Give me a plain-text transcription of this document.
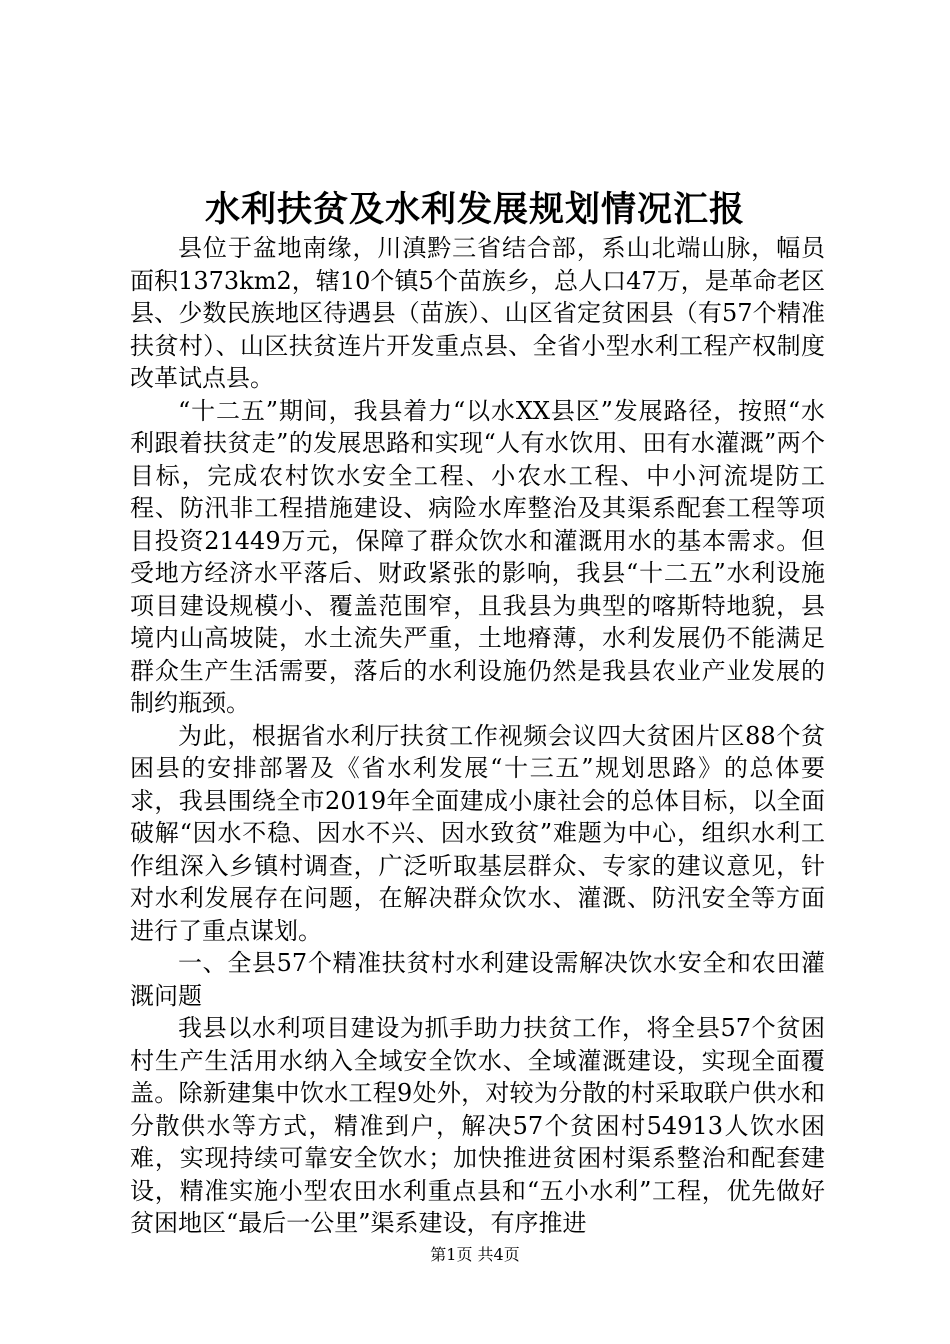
水利扶贫及水利发展规划情况汇报

县位于盆地南缘，川滇黔三省结合部，系山北端山脉，幅员面积1373km2，辖10个镇5个苗族乡，总人口47万，是革命老区县、少数民族地区待遇县（苗族）、山区省定贫困县（有57个精准扶贫村）、山区扶贫连片开发重点县、全省小型水利工程产权制度改革试点县。

“十二五”期间，我县着力“以水XX县区”发展路径，按照“水利跟着扶贫走”的发展思路和实现“人有水饮用、田有水灌溉”两个目标，完成农村饮水安全工程、小农水工程、中小河流堤防工程、防汛非工程措施建设、病险水库整治及其渠系配套工程等项目投资21449万元，保障了群众饮水和灌溉用水的基本需求。但受地方经济水平落后、财政紧张的影响，我县“十二五”水利设施项目建设规模小、覆盖范围窄，且我县为典型的喀斯特地貌，县境内山高坡陡，水土流失严重，土地瘠薄，水利发展仍不能满足群众生产生活需要，落后的水利设施仍然是我县农业产业发展的制约瓶颈。

为此，根据省水利厅扶贫工作视频会议四大贫困片区88个贫困县的安排部署及《省水利发展“十三五”规划思路》的总体要求，我县围绕全市2019年全面建成小康社会的总体目标，以全面破解“因水不稳、因水不兴、因水致贫”难题为中心，组织水利工作组深入乡镇村调查，广泛听取基层群众、专家的建议意见，针对水利发展存在问题，在解决群众饮水、灌溉、防汛安全等方面进行了重点谋划。

一、全县57个精准扶贫村水利建设需解决饮水安全和农田灌溉问题

我县以水利项目建设为抓手助力扶贫工作，将全县57个贫困村生产生活用水纳入全域安全饮水、全域灌溉建设，实现全面覆盖。除新建集中饮水工程9处外，对较为分散的村采取联户供水和分散供水等方式，精准到户，解决57个贫困村54913人饮水困难，实现持续可靠安全饮水；加快推进贫困村渠系整治和配套建设，精准实施小型农田水利重点县和“五小水利”工程，优先做好贫困地区“最后一公里”渠系建设，有序推进

第1页 共4页
